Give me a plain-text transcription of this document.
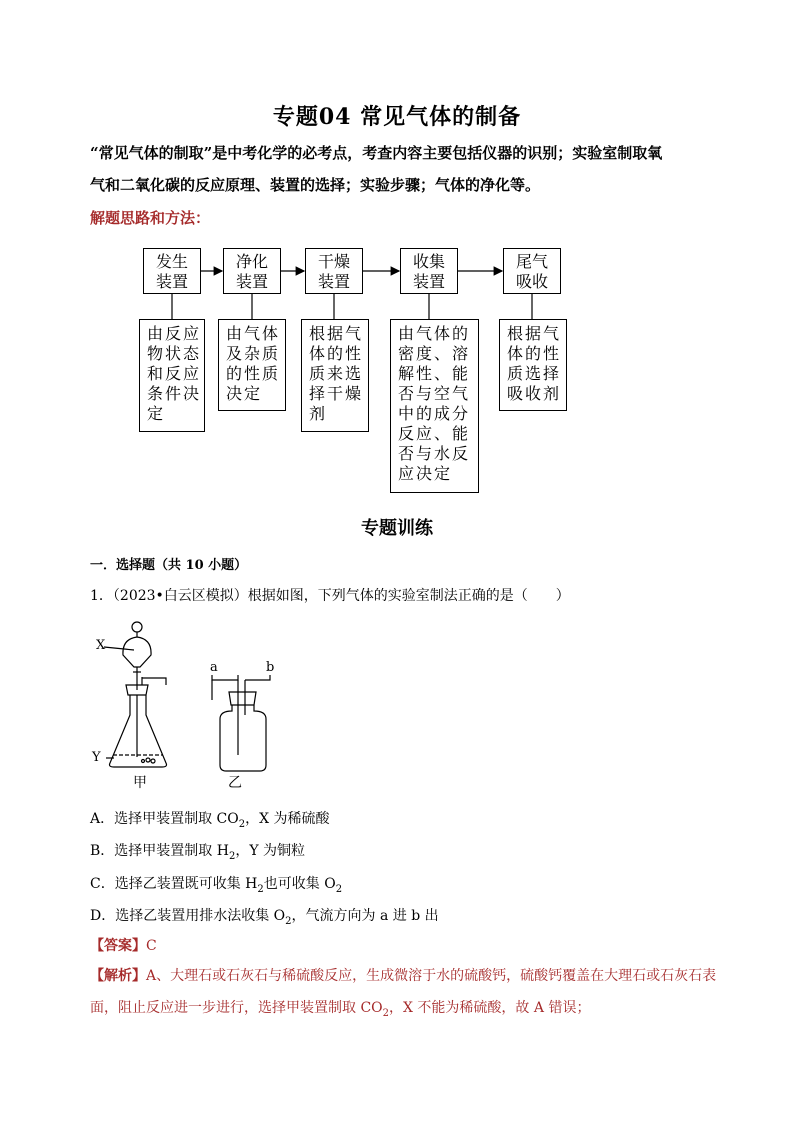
专题04 常见气体的制备
“常见气体的制取”是中考化学的必考点，考查内容主要包括仪器的识别；实验室制取氧
气和二氧化碳的反应原理、装置的选择；实验步骤；气体的净化等。
解题思路和方法：
发生
装置
净化
装置
干燥
装置
收集
装置
尾气
吸收
由反应
物状态
和反应
条件决
定
由气体
及杂质
的性质
决定
根据气
体的性
质来选
择干燥
剂
由气体的
密度、溶
解性、能
否与空气
中的成分
反应、能
否与水反
应决定
根据气
体的性
质选择
吸收剂
专题训练
一．选择题（共 10 小题）
1．（2023•白云区模拟）根据如图，下列气体的实验室制法正确的是（　　）
X
Y
a	b
甲	乙
A．选择甲装置制取 $CO_2$，X 为稀硫酸
B．选择甲装置制取 $H_2$，Y 为铜粒
C．选择乙装置既可收集 $H_2$也可收集 $O_2$
D．选择乙装置用排水法收集 $O_2$，气流方向为 a 进 b 出
【答案】C
【解析】A、大理石或石灰石与稀硫酸反应，生成微溶于水的硫酸钙，硫酸钙覆盖在大理石或石灰石表
面，阻止反应进一步进行，选择甲装置制取 $CO_2$，X 不能为稀硫酸，故 A 错误；
